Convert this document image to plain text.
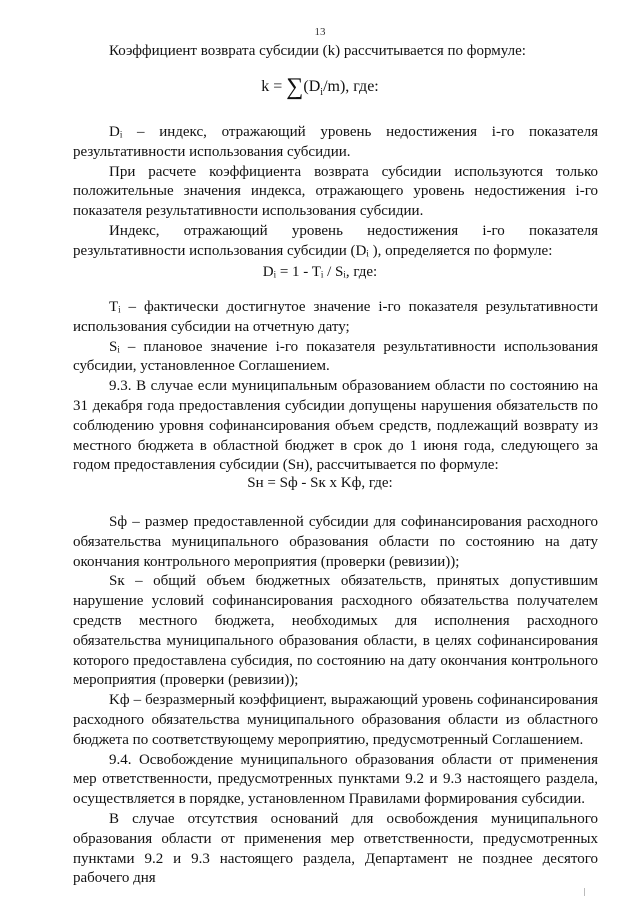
13

Коэффициент возврата субсидии (k) рассчитывается по формуле:

$k = \sum(D_i/m)$, где:

Dᵢ – индекс, отражающий уровень недостижения i-го показателя результативности использования субсидии.

При расчете коэффициента возврата субсидии используются только положительные значения индекса, отражающего уровень недостижения i-го показателя результативности использования субсидии.

Индекс, отражающий уровень недостижения i-го показателя результативности использования субсидии (Dᵢ ), определяется по формуле:

Dᵢ = 1 - Tᵢ / Sᵢ, где:

Tᵢ – фактически достигнутое значение i-го показателя результативности использования субсидии на отчетную дату;

Sᵢ – плановое значение i-го показателя результативности использования субсидии, установленное Соглашением.

9.3. В случае если муниципальным образованием области по состоянию на 31 декабря года предоставления субсидии допущены нарушения обязательств по соблюдению уровня софинансирования объем средств, подлежащий возврату из местного бюджета в областной бюджет в срок до 1 июня года, следующего за годом предоставления субсидии (Sн), рассчитывается по формуле:

Sн = Sф - Sк x Kф, где:

Sф – размер предоставленной субсидии для софинансирования расходного обязательства муниципального образования области по состоянию на дату окончания контрольного мероприятия (проверки (ревизии));

Sк – общий объем бюджетных обязательств, принятых допустившим нарушение условий софинансирования расходного обязательства получателем средств местного бюджета, необходимых для исполнения расходного обязательства муниципального образования области, в целях софинансирования которого предоставлена субсидия, по состоянию на дату окончания контрольного мероприятия (проверки (ревизии));

Kф – безразмерный коэффициент, выражающий уровень софинансирования расходного обязательства муниципального образования области из областного бюджета по соответствующему мероприятию, предусмотренный Соглашением.

9.4. Освобождение муниципального образования области от применения мер ответственности, предусмотренных пунктами 9.2 и 9.3 настоящего раздела, осуществляется в порядке, установленном Правилами формирования субсидии.

В случае отсутствия оснований для освобождения муниципального образования области от применения мер ответственности, предусмотренных пунктами 9.2 и 9.3 настоящего раздела, Департамент не позднее десятого рабочего дня
